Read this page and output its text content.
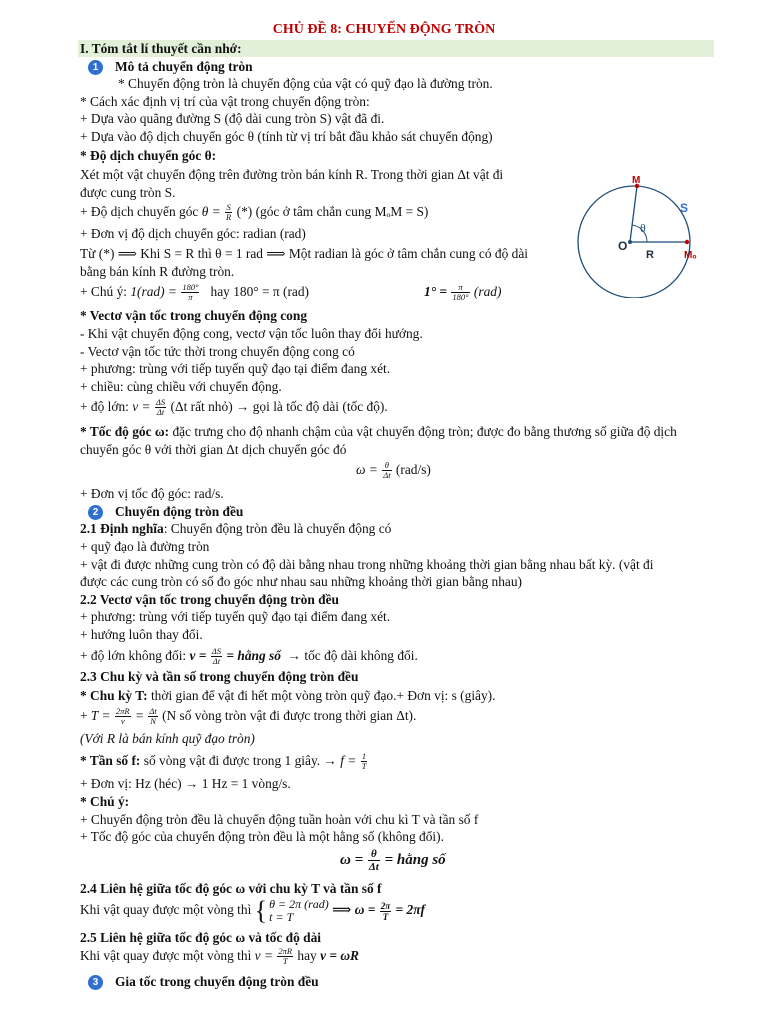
CHỦ ĐỀ 8: CHUYỂN ĐỘNG TRÒN
I. Tóm tắt lí thuyết cần nhớ:
1 Mô tả chuyển động tròn
* Chuyển động tròn là chuyển động của vật có quỹ đạo là đường tròn.
* Cách xác định vị trí của vật trong chuyển động tròn:
+ Dựa vào quãng đường S (độ dài cung tròn S) vật đã đi.
+ Dựa vào độ dịch chuyển góc θ (tính từ vị trí bắt đầu khảo sát chuyển động)
* Độ dịch chuyển góc θ:
Xét một vật chuyển động trên đường tròn bán kính R. Trong thời gian Δt vật đi
được cung tròn S.
+ Độ dịch chuyển góc $\theta = \frac{S}{R}$ (*) (góc ở tâm chắn cung MₒM = S)
+ Đơn vị độ dịch chuyển góc: radian (rad)
Từ (*) ⟹ Khi S = R thì θ = 1 rad ⟹ Một radian là góc ở tâm chắn cung có độ dài
bằng bán kính R đường tròn.
+ Chú ý: $1(rad) = \frac{180^\circ}{\pi}$ hay 180° = π (rad)	$1^\circ = \frac{\pi}{180^\circ} (rad)$
* Vectơ vận tốc trong chuyển động cong
- Khi vật chuyển động cong, vectơ vận tốc luôn thay đổi hướng.
- Vectơ vận tốc tức thời trong chuyển động cong có
+ phương: trùng với tiếp tuyến quỹ đạo tại điểm đang xét.
+ chiều: cùng chiều với chuyển động.
+ độ lớn: $v = \frac{\Delta S}{\Delta t} (\Delta t$ rất nhỏ) → gọi là tốc độ dài (tốc độ).
* Tốc độ góc ω: đặc trưng cho độ nhanh chậm của vật chuyển động tròn; được đo bằng thương số giữa độ dịch
chuyển góc θ với thời gian Δt dịch chuyển góc đó
$\omega = \frac{\theta}{\Delta t} (rad/s)$
+ Đơn vị tốc độ góc: rad/s.
2 Chuyển động tròn đều
2.1 Định nghĩa: Chuyển động tròn đều là chuyển động có
+ quỹ đạo là đường tròn
+ vật đi được những cung tròn có độ dài bằng nhau trong những khoảng thời gian bằng nhau bất kỳ. (vật đi
được các cung tròn có số đo góc như nhau sau những khoảng thời gian bằng nhau)
2.2 Vectơ vận tốc trong chuyển động tròn đều
+ phương: trùng với tiếp tuyến quỹ đạo tại điểm đang xét.
+ hướng luôn thay đổi.
+ độ lớn không đổi: $v = \frac{\Delta S}{\Delta t}$ = hằng số → tốc độ dài không đổi.
2.3 Chu kỳ và tần số trong chuyển động tròn đều
* Chu kỳ T: thời gian để vật đi hết một vòng tròn quỹ đạo.+ Đơn vị: s (giây).
+ $T = \frac{2\pi R}{v} = \frac{\Delta t}{N} (N$ số vòng tròn vật đi được trong thời gian Δt).
(Với R là bán kính quỹ đạo tròn)
* Tần số f: số vòng vật đi được trong 1 giây. → $f = \frac{1}{T}$
+ Đơn vị: Hz (héc) → 1 Hz = 1 vòng/s.
* Chú ý:
+ Chuyển động tròn đều là chuyển động tuần hoàn với chu kì T và tần số f
+ Tốc độ góc của chuyển động tròn đều là một hằng số (không đổi).
$\omega = \frac{\theta}{\Delta t}$ = hằng số
2.4 Liên hệ giữa tốc độ góc ω với chu kỳ T và tần số f
Khi vật quay được một vòng thì { θ = 2π (rad)
t = T	⟹ $\omega = \frac{2\pi}{T} = 2\pi f$
2.5 Liên hệ giữa tốc độ góc ω và tốc độ dài
Khi vật quay được một vòng thì $v = \frac{2\pi R}{T}$ hay v = ωR
3 Gia tốc trong chuyển động tròn đều
M
S
O
R
θ
Mₒ
